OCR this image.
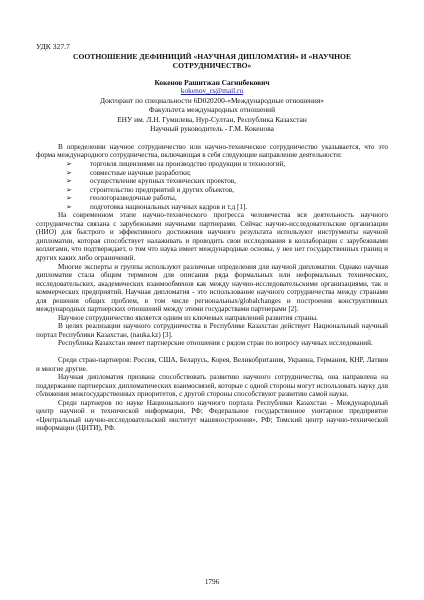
УДК 327.7
СООТНОШЕНИЕ ДЕФИНИЦИЙ «НАУЧНАЯ ДИПЛОМАТИЯ» И «НАУЧНОЕ СОТРУДНИЧЕСТВО»
Кокенов Рашитжан Сагинбекович
kokenov_rs@mail.ru
Докторант по специальности 6D020200-«Международные отношения»
Факультета международных отношений
ЕНУ им. Л.Н. Гумилева, Нур-Султан, Республика Казахстан
Научный руководитель - Г.М. Кокенова

В определении научное сотрудничество или научно-техническое сотрудничество указывается, что это форма международного сотрудничества, включающая в себя следующие направление деятельности:

➢	торговля лицензиями на производство продукции и технологий,
➢	совместные научные разработки;
➢	осуществление крупных технических проектов,
➢	строительство предприятий и других объектов,
➢	геологоразведочные работы,
➢	подготовка национальных научных кадров и т.д [1].

На современном этапе научно-технического прогресса человечества вся деятельность научного сотрудничества связана с зарубежными научными партнерами. Сейчас научно-исследовательские организации (НИО) для быстрого и эффективного достижения научного результата используют инструменты научной дипломатии, которая способствует налаживать и проводить свои исследования в коллаборации с зарубежными коллегами, что подтверждает, о том что наука имеет международные основы, у нее нет государственных границ и других каких либо ограничений.

Многие эксперты и группы используют различные определения для научной дипломатии. Однако научная дипломатия стала общим термином для описания ряда формальных или неформальных технических, исследовательских, академических взаимообменов как между научно-исследовательскими организациями, так и коммерческих предприятий. Научная дипломатия - это использование научного сотрудничества между странами для решения общих проблем, в том числе региональных/globalchanges и построения конструктивных международных партнерских отношений между этими государствами партнерами [2].

Научное сотрудничество является одним из ключевых направлений развития страны.

В целях реализации научного сотрудничества в Республике Казахстан действует Национальный научный портал Республики Казахстан, (nauka.kz) [3].

Республика Казахстан имеет партнерские отношения с рядом стран по вопросу научных исследований.

Среди стран-партнеров: Россия, США, Беларусь, Корея, Великобритания, Украина, Германия, КНР, Латвия и многие другие.

Научная дипломатия призвана способствовать развитию научного сотрудничества, она направлена на поддержание партнерских дипломатических взаимосвязей, которые с одной стороны могут использовать науку для сближения межгосударственных приоритетов, с другой стороны способствуют развитию самой науки.

Среди партнеров по науке Национального научного портала Республики Казахстан - Международный центр научной и технической информации, РФ; Федеральное государственное унитарное предприятие «Центральный научно-исследовательский институт машиностроения», РФ; Томский центр научно-технической информации (ЦНТИ), РФ.

1796
